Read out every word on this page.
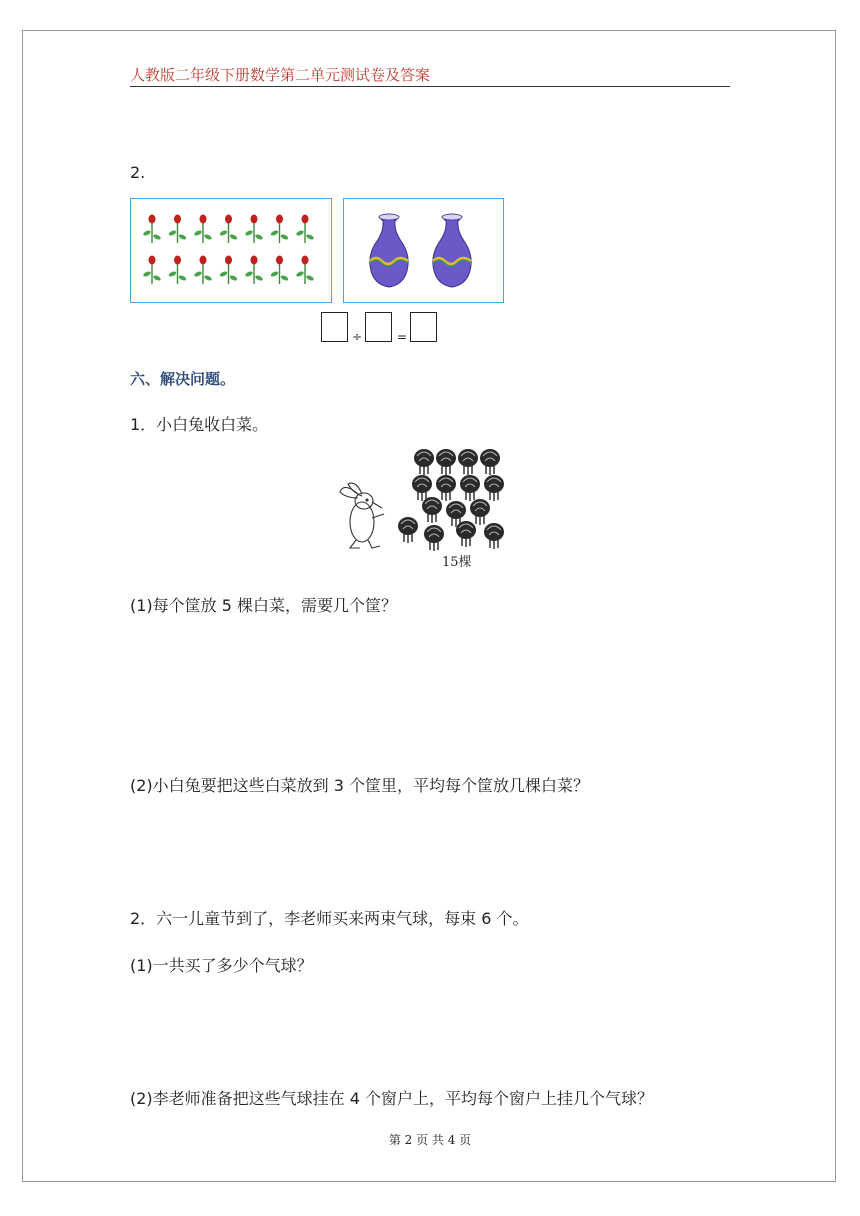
人教版二年级下册数学第二单元测试卷及答案
2.
÷	=
六、解决问题。
1．小白兔收白菜。
15棵
(1)每个筐放 5 棵白菜，需要几个筐？
(2)小白兔要把这些白菜放到 3 个筐里，平均每个筐放几棵白菜？
2．六一儿童节到了，李老师买来两束气球，每束 6 个。
(1)一共买了多少个气球？
(2)李老师准备把这些气球挂在 4 个窗户上，平均每个窗户上挂几个气球？
第 2 页 共 4 页
